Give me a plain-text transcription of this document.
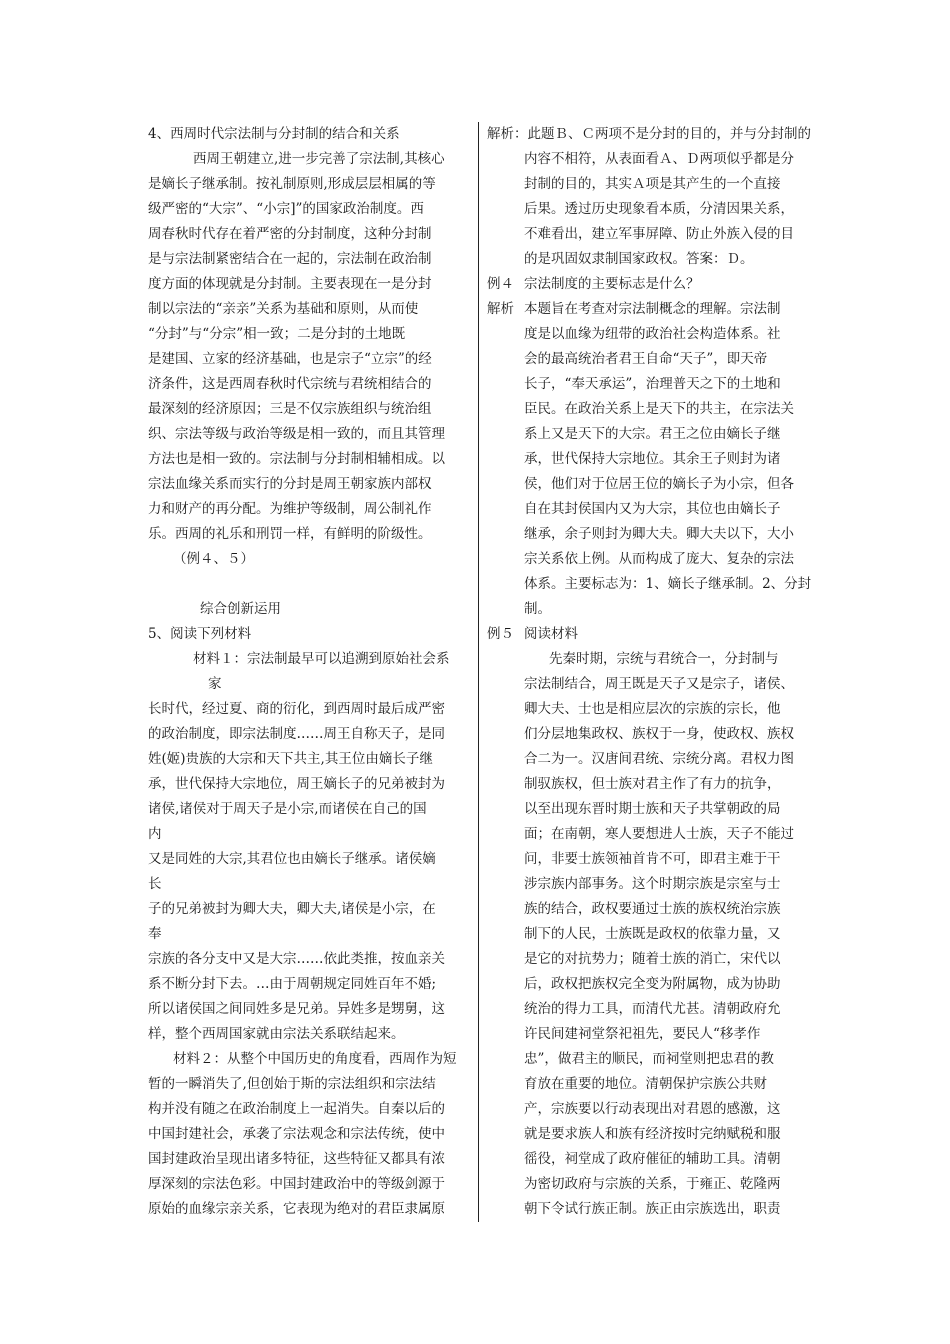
4、西周时代宗法制与分封制的结合和关系
西周王朝建立,进一步完善了宗法制,其核心
是嫡长子继承制。按礼制原则,形成层层相属的等
级严密的“大宗”、“小宗]”的国家政治制度。西
周春秋时代存在着严密的分封制度，这种分封制
是与宗法制紧密结合在一起的，宗法制在政治制
度方面的体现就是分封制。主要表现在一是分封
制以宗法的“亲亲”关系为基础和原则，从而使
“分封”与“分宗”相一致；二是分封的土地既
是建国、立家的经济基础，也是宗子“立宗”的经
济条件，这是西周春秋时代宗统与君统相结合的
最深刻的经济原因；三是不仅宗族组织与统治组
织、宗法等级与政治等级是相一致的，而且其管理
方法也是相一致的。宗法制与分封制相辅相成。以
宗法血缘关系而实行的分封是周王朝家族内部权
力和财产的再分配。为维护等级制，周公制礼作
乐。西周的礼乐和刑罚一样，有鲜明的阶级性。
（例４、５）
综合创新运用
5、阅读下列材料
材料１：宗法制最早可以追溯到原始社会系
家
长时代，经过夏、商的衍化，到西周时最后成严密
的政治制度，即宗法制度……周王自称天子，是同
姓(姬)贵族的大宗和天下共主,其王位由嫡长子继
承，世代保持大宗地位，周王嫡长子的兄弟被封为
诸侯,诸侯对于周天子是小宗,而诸侯在自己的国
内
又是同姓的大宗,其君位也由嫡长子继承。诸侯嫡
长
子的兄弟被封为卿大夫，卿大夫,诸侯是小宗，在
奉
宗族的各分支中又是大宗……依此类推，按血亲关
系不断分封下去。…由于周朝规定同姓百年不婚;
所以诸侯国之间同姓多是兄弟。异姓多是甥舅，这
样，整个西周国家就由宗法关系联结起来。
材料２：从整个中国历史的角度看，西周作为短
暂的一瞬消失了,但创始于斯的宗法组织和宗法结
构并没有随之在政治制度上一起消失。自秦以后的
中国封建社会，承袭了宗法观念和宗法传统，使中
国封建政治呈现出诸多特征，这些特征又都具有浓
厚深刻的宗法色彩。中国封建政治中的等级剑源于
原始的血缘宗亲关系，它表现为绝对的君臣隶属原
解析：此题Ｂ、Ｃ两项不是分封的目的，并与分封制的
内容不相符，从表面看Ａ、Ｄ两项似乎都是分
封制的目的，其实Ａ项是其产生的一个直接
后果。透过历史现象看本质，分清因果关系，
不难看出，建立军事屏障、防止外族入侵的目
的是巩固奴隶制国家政权。答案：Ｄ。
例４ 宗法制度的主要标志是什么？
解析 本题旨在考查对宗法制概念的理解。宗法制
度是以血缘为纽带的政治社会构造体系。社
会的最高统治者君王自命“天子”，即天帝
长子，“奉天承运”，治理普天之下的土地和
臣民。在政治关系上是天下的共主，在宗法关
系上又是天下的大宗。君王之位由嫡长子继
承，世代保持大宗地位。其余王子则封为诸
侯，他们对于位居王位的嫡长子为小宗，但各
自在其封侯国内又为大宗，其位也由嫡长子
继承，余子则封为卿大夫。卿大夫以下，大小
宗关系依上例。从而构成了庞大、复杂的宗法
体系。主要标志为：1、嫡长子继承制。2、分封
制。
例５ 阅读材料
先秦时期，宗统与君统合一，分封制与
宗法制结合，周王既是天子又是宗子，诸侯、
卿大夫、士也是相应层次的宗族的宗长，他
们分层地集政权、族权于一身，使政权、族权
合二为一。汉唐间君统、宗统分离。君权力图
制驭族权，但士族对君主作了有力的抗争，
以至出现东晋时期士族和天子共掌朝政的局
面；在南朝，寒人要想进人士族，天子不能过
问，非要士族领袖首肯不可，即君主难于干
涉宗族内部事务。这个时期宗族是宗室与士
族的结合，政权要通过士族的族权统治宗族
制下的人民，士族既是政权的依靠力量，又
是它的对抗势力；随着士族的消亡，宋代以
后，政权把族权完全变为附属物，成为协助
统治的得力工具，而清代尤甚。清朝政府允
许民间建祠堂祭祀祖先，要民人“移孝作
忠”，做君主的顺民，而祠堂则把忠君的教
育放在重要的地位。清朝保护宗族公共财
产，宗族要以行动表现出对君恩的感激，这
就是要求族人和族有经济按时完纳赋税和服
徭役，祠堂成了政府催征的辅助工具。清朝
为密切政府与宗族的关系，于雍正、乾隆两
朝下令试行族正制。族正由宗族选出，职责
